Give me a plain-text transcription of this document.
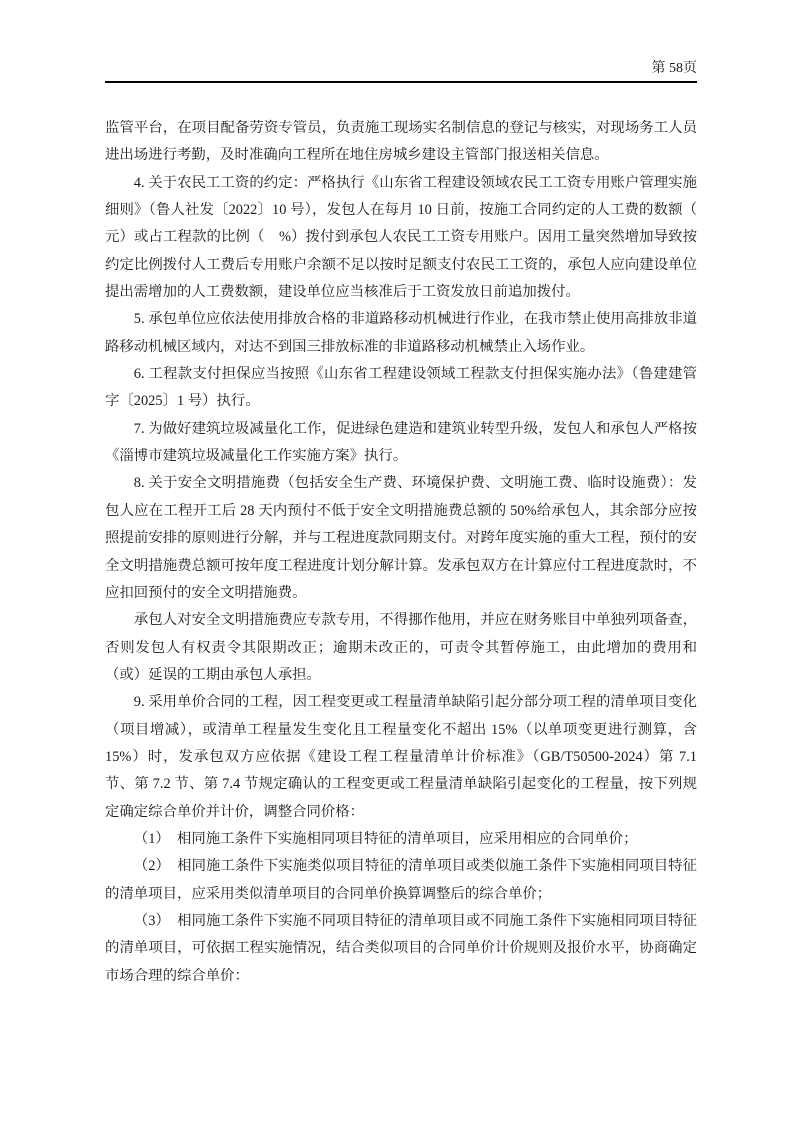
第 58页

监管平台，在项目配备劳资专管员，负责施工现场实名制信息的登记与核实，对现场务工人员进出场进行考勤，及时准确向工程所在地住房城乡建设主管部门报送相关信息。

4. 关于农民工工资的约定：严格执行《山东省工程建设领域农民工工资专用账户管理实施细则》（鲁人社发〔2022〕10 号），发包人在每月 10 日前，按施工合同约定的人工费的数额（　　　　　元）或占工程款的比例（　%）拨付到承包人农民工工资专用账户。因用工量突然增加导致按约定比例拨付人工费后专用账户余额不足以按时足额支付农民工工资的，承包人应向建设单位提出需增加的人工费数额，建设单位应当核准后于工资发放日前追加拨付。

5. 承包单位应依法使用排放合格的非道路移动机械进行作业，在我市禁止使用高排放非道路移动机械区域内，对达不到国三排放标准的非道路移动机械禁止入场作业。

6. 工程款支付担保应当按照《山东省工程建设领域工程款支付担保实施办法》（鲁建建管字〔2025〕1 号）执行。

7. 为做好建筑垃圾减量化工作，促进绿色建造和建筑业转型升级，发包人和承包人严格按《淄博市建筑垃圾减量化工作实施方案》执行。

8. 关于安全文明措施费（包括安全生产费、环境保护费、文明施工费、临时设施费）：发包人应在工程开工后 28 天内预付不低于安全文明措施费总额的 50%给承包人，其余部分应按照提前安排的原则进行分解，并与工程进度款同期支付。对跨年度实施的重大工程，预付的安全文明措施费总额可按年度工程进度计划分解计算。发承包双方在计算应付工程进度款时，不应扣回预付的安全文明措施费。

承包人对安全文明措施费应专款专用，不得挪作他用，并应在财务账目中单独列项备查，否则发包人有权责令其限期改正；逾期未改正的，可责令其暂停施工，由此增加的费用和（或）延误的工期由承包人承担。

9. 采用单价合同的工程，因工程变更或工程量清单缺陷引起分部分项工程的清单项目变化（项目增减），或清单工程量发生变化且工程量变化不超出 15%（以单项变更进行测算，含 15%）时，发承包双方应依据《建设工程工程量清单计价标准》（GB/T50500-2024）第 7.1 节、第 7.2 节、第 7.4 节规定确认的工程变更或工程量清单缺陷引起变化的工程量，按下列规定确定综合单价并计价，调整合同价格：

（1）　相同施工条件下实施相同项目特征的清单项目，应采用相应的合同单价；

（2）　相同施工条件下实施类似项目特征的清单项目或类似施工条件下实施相同项目特征的清单项目，应采用类似清单项目的合同单价换算调整后的综合单价；

（3）　相同施工条件下实施不同项目特征的清单项目或不同施工条件下实施相同项目特征的清单项目，可依据工程实施情况，结合类似项目的合同单价计价规则及报价水平，协商确定市场合理的综合单价：
